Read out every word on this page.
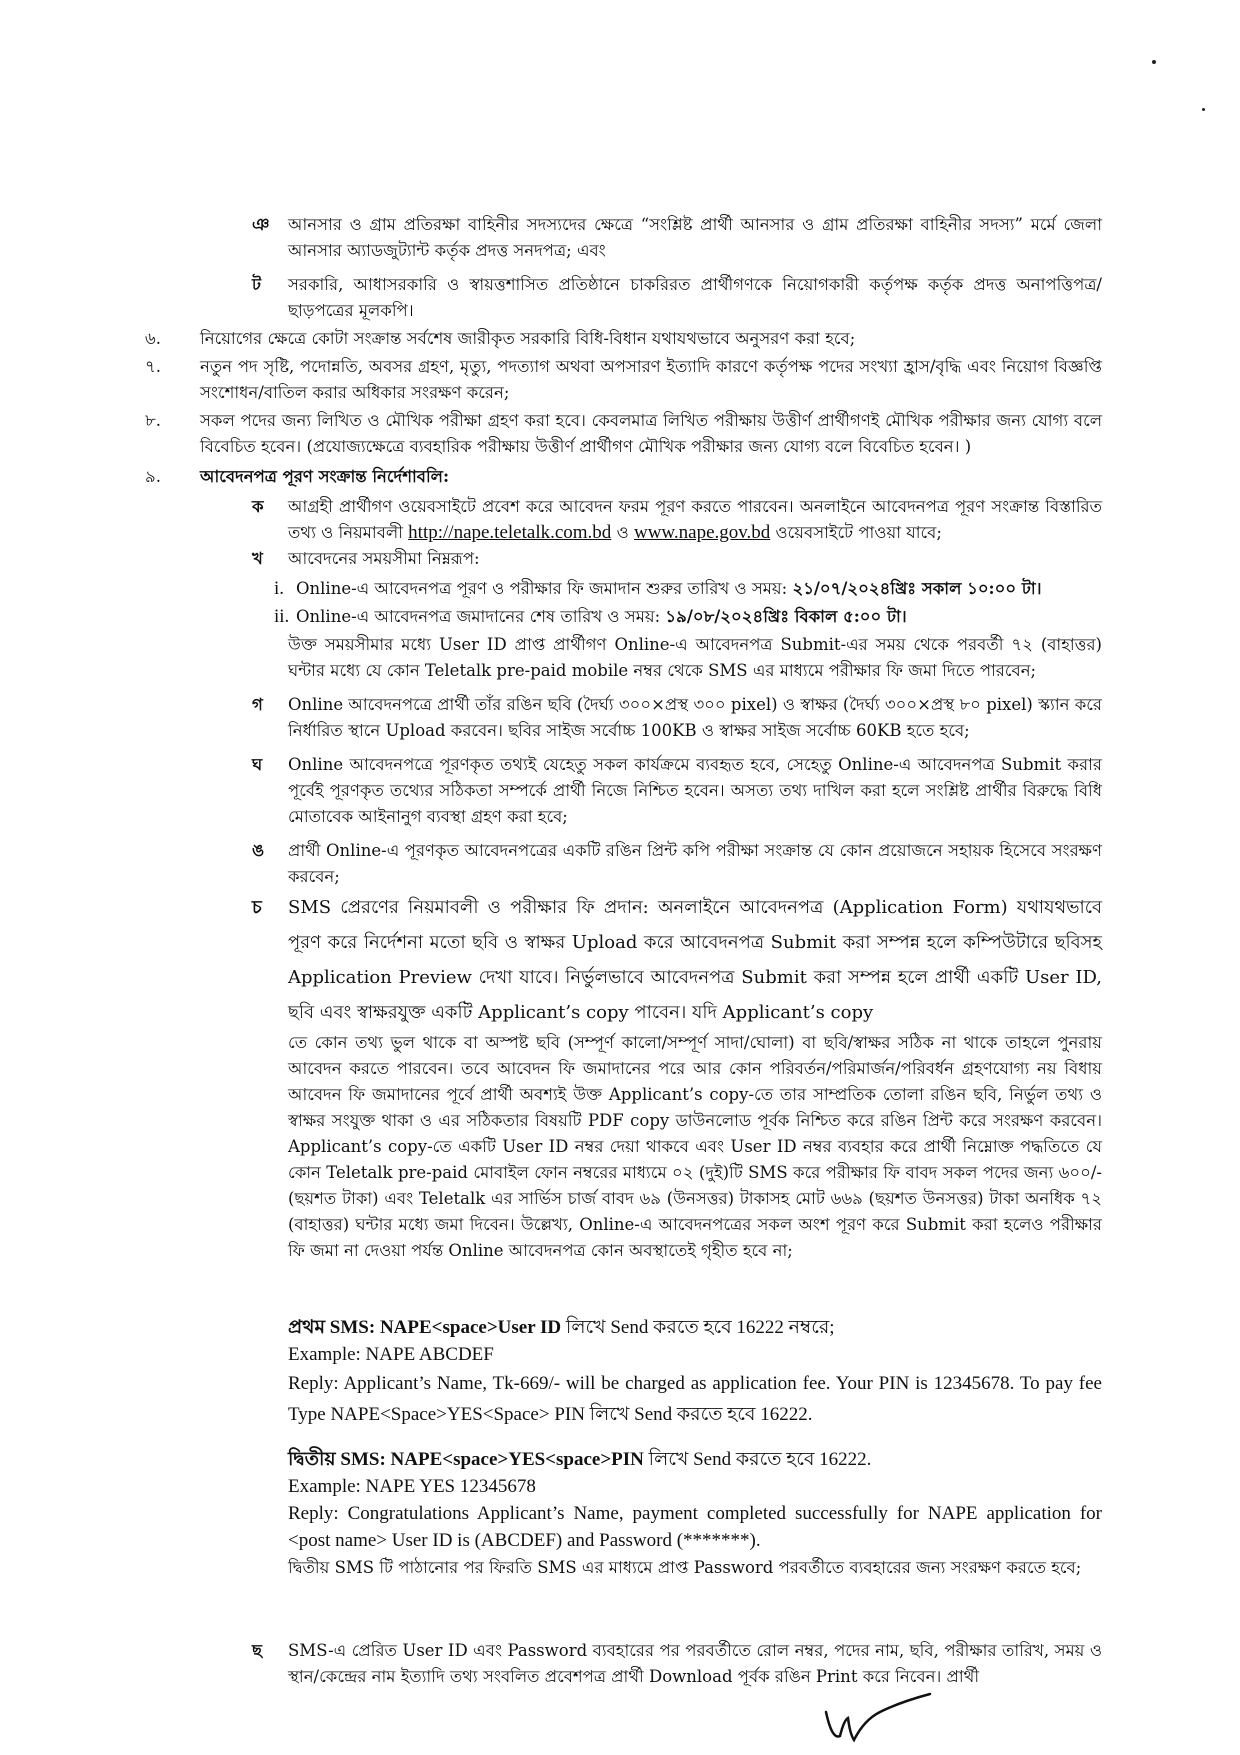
ঞ আনসার ও গ্রাম প্রতিরক্ষা বাহিনীর সদস্যদের ক্ষেত্রে “সংশ্লিষ্ট প্রার্থী আনসার ও গ্রাম প্রতিরক্ষা বাহিনীর সদস্য” মর্মে জেলা আনসার অ্যাডজুট্যান্ট কর্তৃক প্রদত্ত সনদপত্র; এবং
ট সরকারি, আধাসরকারি ও স্বায়ত্তশাসিত প্রতিষ্ঠানে চাকরিরত প্রার্থীগণকে নিয়োগকারী কর্তৃপক্ষ কর্তৃক প্রদত্ত অনাপত্তিপত্র/ ছাড়পত্রের মূলকপি।
৬. নিয়োগের ক্ষেত্রে কোটা সংক্রান্ত সর্বশেষ জারীকৃত সরকারি বিধি-বিধান যথাযথভাবে অনুসরণ করা হবে;
৭. নতুন পদ সৃষ্টি, পদোন্নতি, অবসর গ্রহণ, মৃত্যু, পদত্যাগ অথবা অপসারণ ইত্যাদি কারণে কর্তৃপক্ষ পদের সংখ্যা হ্রাস/বৃদ্ধি এবং নিয়োগ বিজ্ঞপ্তি সংশোধন/বাতিল করার অধিকার সংরক্ষণ করেন;
৮. সকল পদের জন্য লিখিত ও মৌখিক পরীক্ষা গ্রহণ করা হবে। কেবলমাত্র লিখিত পরীক্ষায় উত্তীর্ণ প্রার্থীগণই মৌখিক পরীক্ষার জন্য যোগ্য বলে বিবেচিত হবেন। (প্রযোজ্যক্ষেত্রে ব্যবহারিক পরীক্ষায় উত্তীর্ণ প্রার্থীগণ মৌখিক পরীক্ষার জন্য যোগ্য বলে বিবেচিত হবেন। )
৯. আবেদনপত্র পূরণ সংক্রান্ত নির্দেশাবলি:
ক আগ্রহী প্রার্থীগণ ওয়েবসাইটে প্রবেশ করে আবেদন ফরম পূরণ করতে পারবেন। অনলাইনে আবেদনপত্র পূরণ সংক্রান্ত বিস্তারিত তথ্য ও নিয়মাবলী http://nape.teletalk.com.bd ও www.nape.gov.bd ওয়েবসাইটে পাওয়া যাবে;
খ আবেদনের সময়সীমা নিম্নরূপ:
i. Online-এ আবেদনপত্র পূরণ ও পরীক্ষার ফি জমাদান শুরুর তারিখ ও সময়: ২১/০৭/২০২৪খ্রিঃ সকাল ১০:০০ টা।
ii. Online-এ আবেদনপত্র জমাদানের শেষ তারিখ ও সময়: ১৯/০৮/২০২৪খ্রিঃ বিকাল ৫:০০ টা।
উক্ত সময়সীমার মধ্যে User ID প্রাপ্ত প্রার্থীগণ Online-এ আবেদনপত্র Submit-এর সময় থেকে পরবর্তী ৭২ (বাহাত্তর) ঘন্টার মধ্যে যে কোন Teletalk pre-paid mobile নম্বর থেকে SMS এর মাধ্যমে পরীক্ষার ফি জমা দিতে পারবেন;
গ Online আবেদনপত্রে প্রার্থী তাঁর রঙিন ছবি (দৈর্ঘ্য ৩০০×প্রস্থ ৩০০ pixel) ও স্বাক্ষর (দৈর্ঘ্য ৩০০×প্রস্থ ৮০ pixel) স্ক্যান করে নির্ধারিত স্থানে Upload করবেন। ছবির সাইজ সর্বোচ্চ 100KB ও স্বাক্ষর সাইজ সর্বোচ্চ 60KB হতে হবে;
ঘ Online আবেদনপত্রে পূরণকৃত তথ্যই যেহেতু সকল কার্যক্রমে ব্যবহৃত হবে, সেহেতু Online-এ আবেদনপত্র Submit করার পূর্বেই পূরণকৃত তথ্যের সঠিকতা সম্পর্কে প্রার্থী নিজে নিশ্চিত হবেন। অসত্য তথ্য দাখিল করা হলে সংশ্লিষ্ট প্রার্থীর বিরুদ্ধে বিধি মোতাবেক আইনানুগ ব্যবস্থা গ্রহণ করা হবে;
ঙ প্রার্থী Online-এ পূরণকৃত আবেদনপত্রের একটি রঙিন প্রিন্ট কপি পরীক্ষা সংক্রান্ত যে কোন প্রয়োজনে সহায়ক হিসেবে সংরক্ষণ করবেন;
চ SMS প্রেরণের নিয়মাবলী ও পরীক্ষার ফি প্রদান: অনলাইনে আবেদনপত্র (Application Form) যথাযথভাবে পূরণ করে নির্দেশনা মতো ছবি ও স্বাক্ষর Upload করে আবেদনপত্র Submit করা সম্পন্ন হলে কম্পিউটারে ছবিসহ Application Preview দেখা যাবে। নির্ভুলভাবে আবেদনপত্র Submit করা সম্পন্ন হলে প্রার্থী একটি User ID, ছবি এবং স্বাক্ষরযুক্ত একটি Applicant’s copy পাবেন। যদি Applicant’s copy
তে কোন তথ্য ভুল থাকে বা অস্পষ্ট ছবি (সম্পূর্ণ কালো/সম্পূর্ণ সাদা/ঘোলা) বা ছবি/স্বাক্ষর সঠিক না থাকে তাহলে পুনরায় আবেদন করতে পারবেন। তবে আবেদন ফি জমাদানের পরে আর কোন পরিবর্তন/পরিমার্জন/পরিবর্ধন গ্রহণযোগ্য নয় বিধায় আবেদন ফি জমাদানের পূর্বে প্রার্থী অবশ্যই উক্ত Applicant’s copy-তে তার সাম্প্রতিক তোলা রঙিন ছবি, নির্ভুল তথ্য ও স্বাক্ষর সংযুক্ত থাকা ও এর সঠিকতার বিষয়টি PDF copy ডাউনলোড পূর্বক নিশ্চিত করে রঙিন প্রিন্ট করে সংরক্ষণ করবেন। Applicant’s copy-তে একটি User ID নম্বর দেয়া থাকবে এবং User ID নম্বর ব্যবহার করে প্রার্থী নিম্নোক্ত পদ্ধতিতে যে কোন Teletalk pre-paid মোবাইল ফোন নম্বরের মাধ্যমে ০২ (দুই)টি SMS করে পরীক্ষার ফি বাবদ সকল পদের জন্য ৬০০/- (ছয়শত টাকা) এবং Teletalk এর সার্ভিস চার্জ বাবদ ৬৯ (উনসত্তর) টাকাসহ মোট ৬৬৯ (ছয়শত উনসত্তর) টাকা অনধিক ৭২ (বাহাত্তর) ঘন্টার মধ্যে জমা দিবেন। উল্লেখ্য, Online-এ আবেদনপত্রের সকল অংশ পূরণ করে Submit করা হলেও পরীক্ষার ফি জমা না দেওয়া পর্যন্ত Online আবেদনপত্র কোন অবস্থাতেই গৃহীত হবে না;
প্রথম SMS: NAPE<space>User ID লিখে Send করতে হবে 16222 নম্বরে;
Example: NAPE ABCDEF
Reply: Applicant’s Name, Tk-669/- will be charged as application fee. Your PIN is 12345678. To pay fee Type NAPE<Space>YES<Space> PIN লিখে Send করতে হবে 16222.
দ্বিতীয় SMS: NAPE<space>YES<space>PIN লিখে Send করতে হবে 16222.
Example: NAPE YES 12345678
Reply: Congratulations Applicant’s Name, payment completed successfully for NAPE application for <post name> User ID is (ABCDEF) and Password (*******).
দ্বিতীয় SMS টি পাঠানোর পর ফিরতি SMS এর মাধ্যমে প্রাপ্ত Password পরবর্তীতে ব্যবহারের জন্য সংরক্ষণ করতে হবে;
ছ SMS-এ প্রেরিত User ID এবং Password ব্যবহারের পর পরবর্তীতে রোল নম্বর, পদের নাম, ছবি, পরীক্ষার তারিখ, সময় ও স্থান/কেন্দ্রের নাম ইত্যাদি তথ্য সংবলিত প্রবেশপত্র প্রার্থী Download পূর্বক রঙিন Print করে নিবেন। প্রার্থী
